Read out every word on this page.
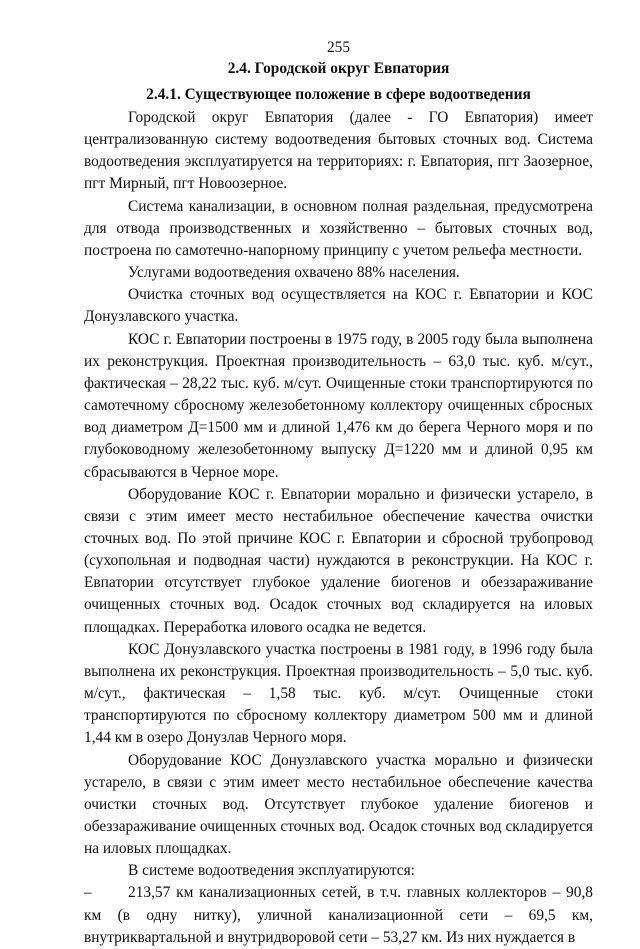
255
2.4. Городской округ Евпатория
2.4.1. Существующее положение в сфере водоотведения

Городской округ Евпатория (далее - ГО Евпатория) имеет централизованную систему водоотведения бытовых сточных вод. Система водоотведения эксплуатируется на территориях: г. Евпатория, пгт Заозерное, пгт Мирный, пгт Новоозерное.

Система канализации, в основном полная раздельная, предусмотрена для отвода производственных и хозяйственно – бытовых сточных вод, построена по самотечно-напорному принципу с учетом рельефа местности.

Услугами водоотведения охвачено 88% населения.

Очистка сточных вод осуществляется на КОС г. Евпатории и КОС Донузлавского участка.

КОС г. Евпатории построены в 1975 году, в 2005 году была выполнена их реконструкция. Проектная производительность – 63,0 тыс. куб. м/сут., фактическая – 28,22 тыс. куб. м/сут. Очищенные стоки транспортируются по самотечному сбросному железобетонному коллектору очищенных сбросных вод диаметром Д=1500 мм и длиной 1,476 км до берега Черного моря и по глубоководному железобетонному выпуску Д=1220 мм и длиной 0,95 км сбрасываются в Черное море.

Оборудование КОС г. Евпатории морально и физически устарело, в связи с этим имеет место нестабильное обеспечение качества очистки сточных вод. По этой причине КОС г. Евпатории и сбросной трубопровод (сухопольная и подводная части) нуждаются в реконструкции. На КОС г. Евпатории отсутствует глубокое удаление биогенов и обеззараживание очищенных сточных вод. Осадок сточных вод складируется на иловых площадках. Переработка илового осадка не ведется.

КОС Донузлавского участка построены в 1981 году, в 1996 году была выполнена их реконструкция. Проектная производительность – 5,0 тыс. куб. м/сут., фактическая – 1,58 тыс. куб. м/сут. Очищенные стоки транспортируются по сбросному коллектору диаметром 500 мм и длиной 1,44 км в озеро Донузлав Черного моря.

Оборудование КОС Донузлавского участка морально и физически устарело, в связи с этим имеет место нестабильное обеспечение качества очистки сточных вод. Отсутствует глубокое удаление биогенов и обеззараживание очищенных сточных вод. Осадок сточных вод складируется на иловых площадках.

В системе водоотведения эксплуатируются:

– 213,57 км канализационных сетей, в т.ч. главных коллекторов – 90,8 км (в одну нитку), уличной канализационной сети – 69,5 км, внутриквартальной и внутридворовой сети – 53,27 км. Из них нуждается в
